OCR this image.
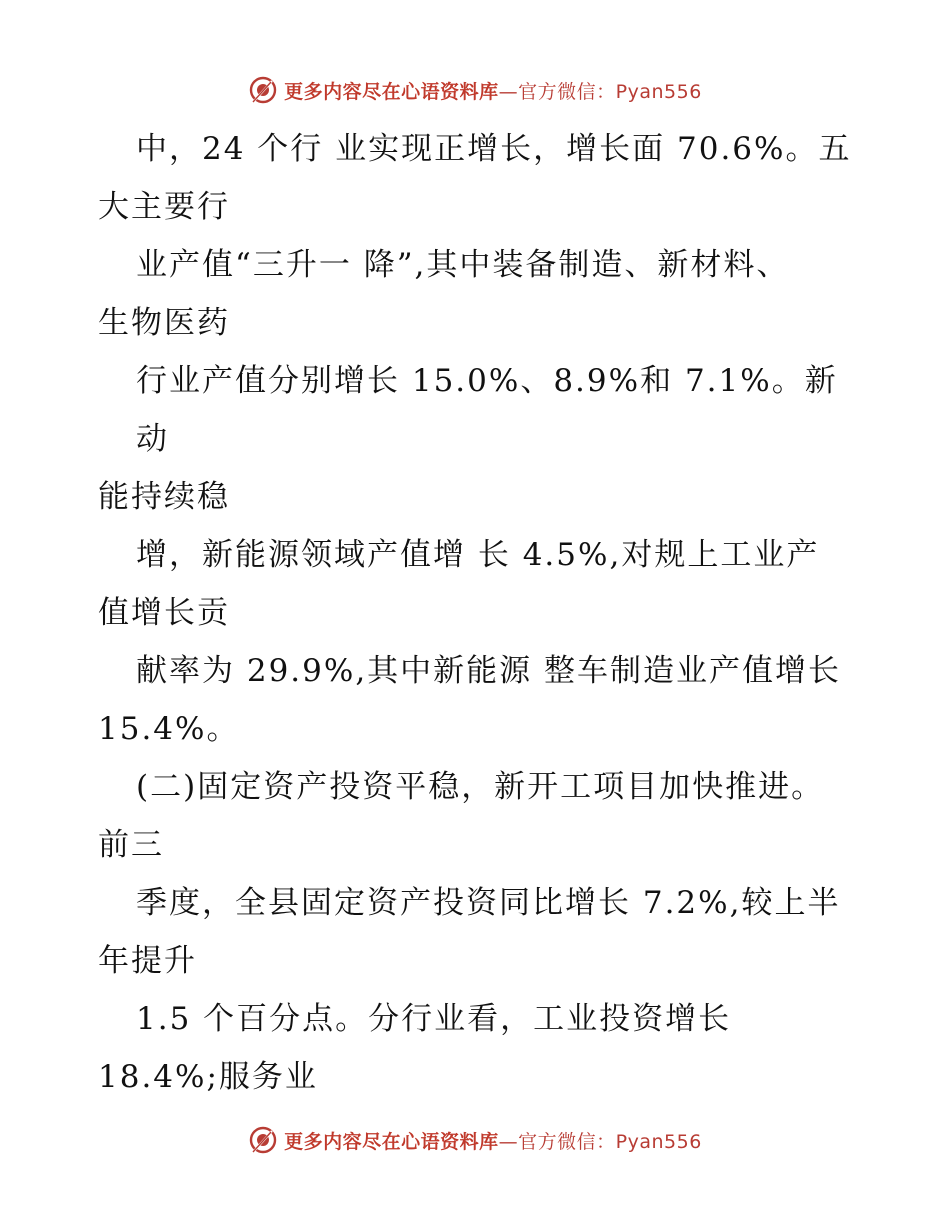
更多内容尽在心语资料库—官方微信：Pyan556

中，24 个行 业实现正增长，增长面 70.6%。五

大主要行

业产值“三升一 降”,其中装备制造、新材料、

生物医药

行业产值分别增长 15.0%、8.9%和 7.1%。新动

能持续稳

增，新能源领域产值增 长 4.5%,对规上工业产

值增长贡

献率为 29.9%,其中新能源 整车制造业产值增长

15.4%。

(二)固定资产投资平稳，新开工项目加快推进。

前三

季度，全县固定资产投资同比增长 7.2%,较上半

年提升

1.5 个百分点。分行业看，工业投资增长

18.4%;服务业

更多内容尽在心语资料库—官方微信：Pyan556
